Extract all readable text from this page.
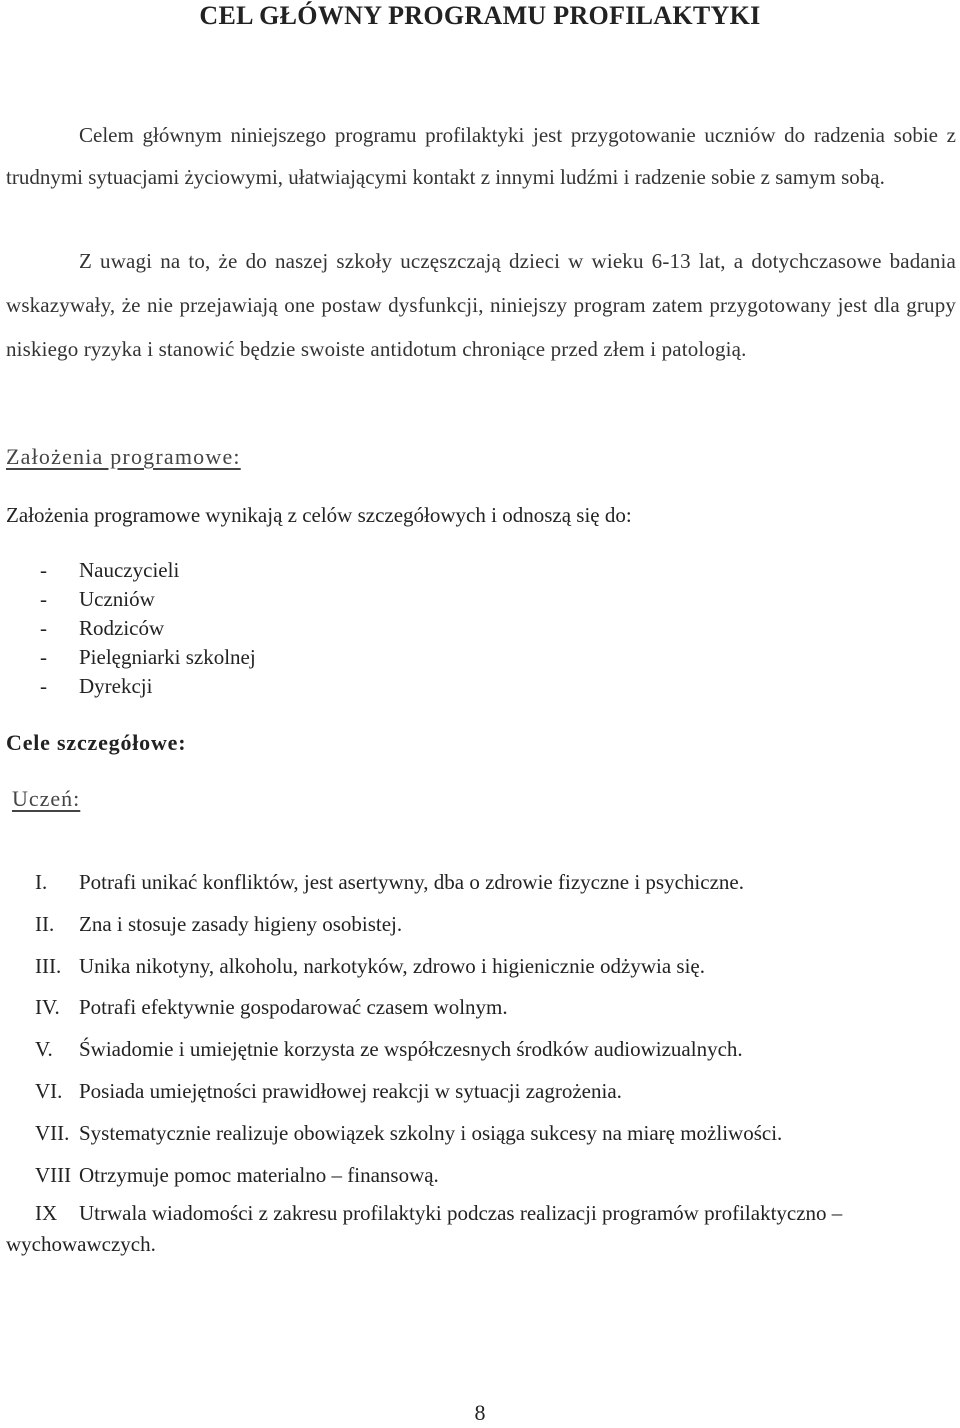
CEL GŁÓWNY PROGRAMU PROFILAKTYKI
Celem głównym niniejszego programu profilaktyki jest przygotowanie uczniów do radzenia sobie z trudnymi sytuacjami życiowymi, ułatwiającymi kontakt z innymi ludźmi i radzenie sobie z samym sobą.
Z uwagi na to, że do naszej szkoły uczęszczają dzieci w wieku 6-13 lat, a dotychczasowe badania wskazywały, że nie przejawiają one postaw dysfunkcji, niniejszy program zatem przygotowany jest dla grupy niskiego ryzyka i stanowić będzie swoiste antidotum chroniące przed złem i patologią.
Założenia programowe:
Założenia programowe wynikają z celów szczegółowych i odnoszą się do:
- Nauczycieli
- Uczniów
- Rodziców
- Pielęgniarki szkolnej
- Dyrekcji
Cele szczegółowe:
Uczeń:
I. Potrafi unikać konfliktów, jest asertywny, dba o zdrowie fizyczne i psychiczne.
II. Zna i stosuje zasady higieny osobistej.
III. Unika nikotyny, alkoholu, narkotyków, zdrowo i higienicznie odżywia się.
IV. Potrafi efektywnie gospodarować czasem wolnym.
V. Świadomie i umiejętnie korzysta ze współczesnych środków audiowizualnych.
VI. Posiada umiejętności prawidłowej reakcji w sytuacji zagrożenia.
VII. Systematycznie realizuje obowiązek szkolny i osiąga sukcesy na miarę możliwości.
VIII Otrzymuje pomoc materialno – finansową.
IX Utrwala wiadomości z zakresu profilaktyki podczas realizacji programów profilaktyczno – wychowawczych.
8
